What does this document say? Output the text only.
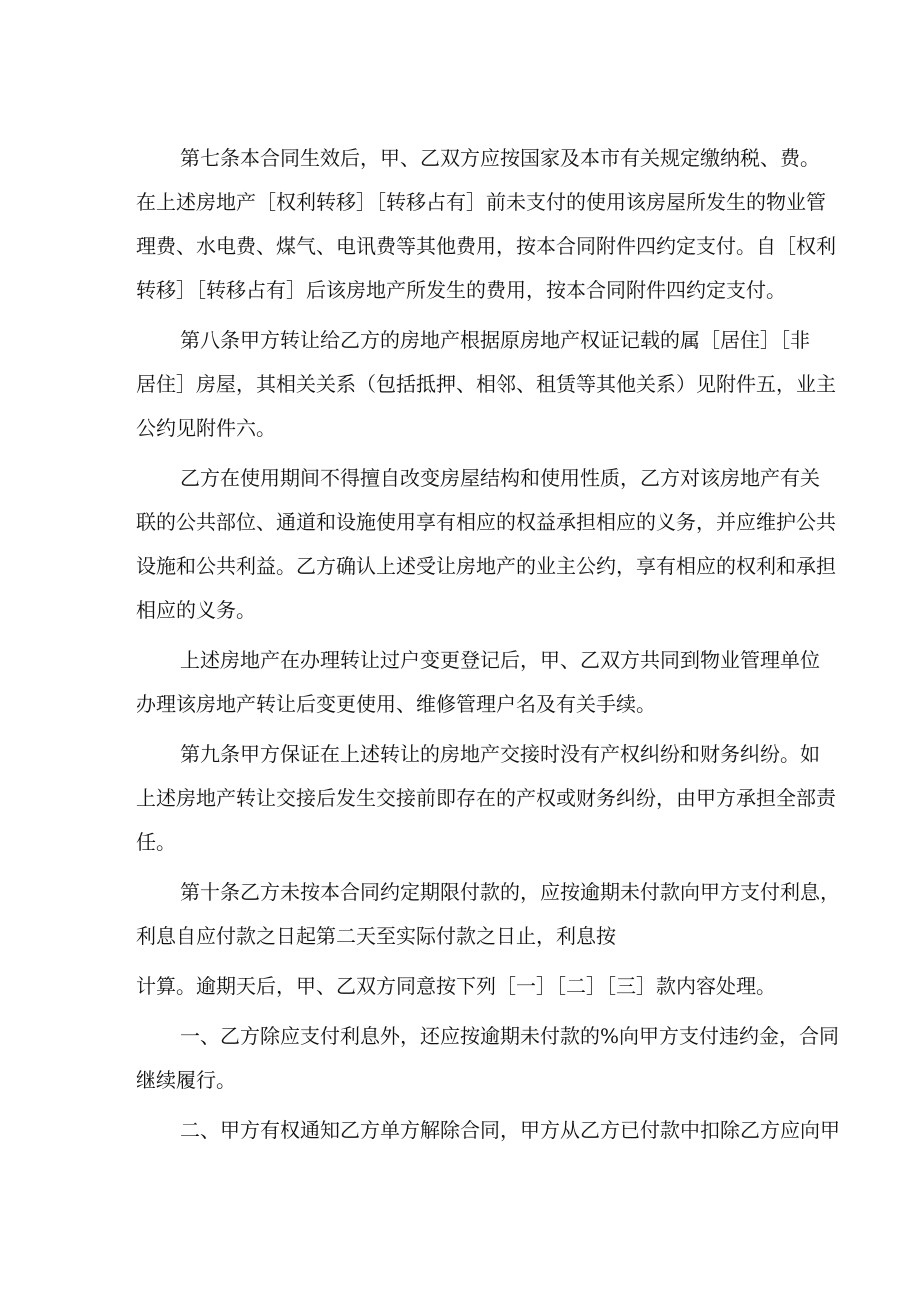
第七条本合同生效后，甲、乙双方应按国家及本市有关规定缴纳税、费。
在上述房地产［权利转移］［转移占有］前未支付的使用该房屋所发生的物业管
理费、水电费、煤气、电讯费等其他费用，按本合同附件四约定支付。自［权利
转移］［转移占有］后该房地产所发生的费用，按本合同附件四约定支付。
第八条甲方转让给乙方的房地产根据原房地产权证记载的属［居住］［非
居住］房屋，其相关关系（包括抵押、相邻、租赁等其他关系）见附件五，业主
公约见附件六。
乙方在使用期间不得擅自改变房屋结构和使用性质，乙方对该房地产有关
联的公共部位、通道和设施使用享有相应的权益承担相应的义务，并应维护公共
设施和公共利益。乙方确认上述受让房地产的业主公约，享有相应的权利和承担
相应的义务。
上述房地产在办理转让过户变更登记后，甲、乙双方共同到物业管理单位
办理该房地产转让后变更使用、维修管理户名及有关手续。
第九条甲方保证在上述转让的房地产交接时没有产权纠纷和财务纠纷。如
上述房地产转让交接后发生交接前即存在的产权或财务纠纷，由甲方承担全部责
任。
第十条乙方未按本合同约定期限付款的，应按逾期未付款向甲方支付利息，
利息自应付款之日起第二天至实际付款之日止，利息按
计算。逾期天后，甲、乙双方同意按下列［一］［二］［三］款内容处理。
一、乙方除应支付利息外，还应按逾期未付款的%向甲方支付违约金，合同
继续履行。
二、甲方有权通知乙方单方解除合同，甲方从乙方已付款中扣除乙方应向甲
